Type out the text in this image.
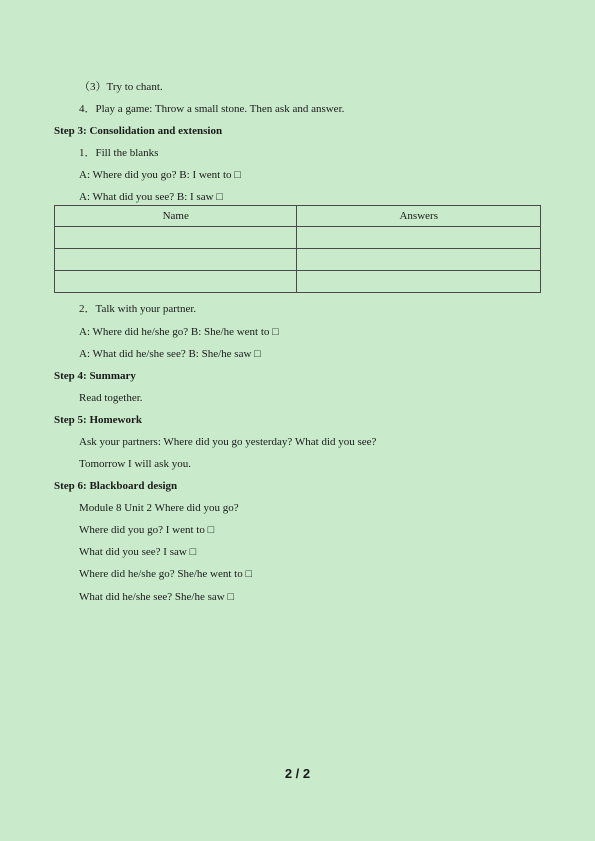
（3）Try to chant.
4．Play a game: Throw a small stone. Then ask and answer.
Step 3: Consolidation and extension
1．Fill the blanks
A: Where did you go? B: I went to □
A: What did you see? B: I saw □
Name	Answers

2．Talk with your partner.
A: Where did he/she go? B: She/he went to □
A: What did he/she see? B: She/he saw □
Step 4: Summary
Read together.
Step 5: Homework
Ask your partners: Where did you go yesterday? What did you see?
Tomorrow I will ask you.
Step 6: Blackboard design
Module 8 Unit 2 Where did you go?
Where did you go? I went to □
What did you see? I saw □
Where did he/she go? She/he went to □
What did he/she see? She/he saw □
2 / 2
